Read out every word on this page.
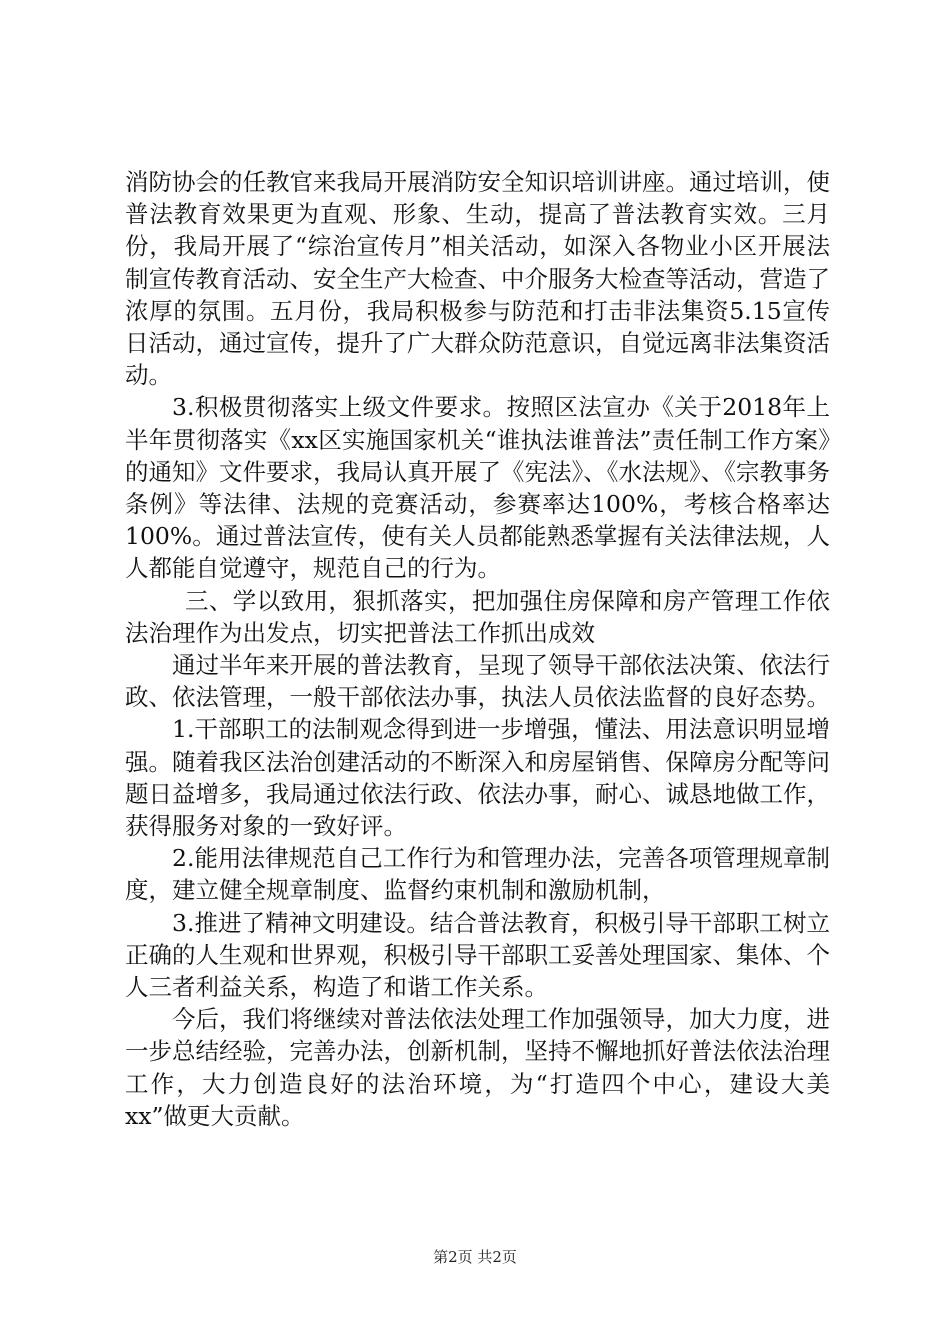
消防协会的任教官来我局开展消防安全知识培训讲座。通过培训，使普法教育效果更为直观、形象、生动，提高了普法教育实效。三月份，我局开展了“综治宣传月”相关活动，如深入各物业小区开展法制宣传教育活动、安全生产大检查、中介服务大检查等活动，营造了浓厚的氛围。五月份，我局积极参与防范和打击非法集资5.15宣传日活动，通过宣传，提升了广大群众防范意识，自觉远离非法集资活动。

3.积极贯彻落实上级文件要求。按照区法宣办《关于2018年上半年贯彻落实《xx区实施国家机关“谁执法谁普法”责任制工作方案》的通知》文件要求，我局认真开展了《宪法》、《水法规》、《宗教事务条例》等法律、法规的竞赛活动，参赛率达100%，考核合格率达100%。通过普法宣传，使有关人员都能熟悉掌握有关法律法规，人人都能自觉遵守，规范自己的行为。

三、学以致用，狠抓落实，把加强住房保障和房产管理工作依法治理作为出发点，切实把普法工作抓出成效

通过半年来开展的普法教育，呈现了领导干部依法决策、依法行政、依法管理，一般干部依法办事，执法人员依法监督的良好态势。

1.干部职工的法制观念得到进一步增强，懂法、用法意识明显增强。随着我区法治创建活动的不断深入和房屋销售、保障房分配等问题日益增多，我局通过依法行政、依法办事，耐心、诚恳地做工作，获得服务对象的一致好评。

2.能用法律规范自己工作行为和管理办法，完善各项管理规章制度，建立健全规章制度、监督约束机制和激励机制，

3.推进了精神文明建设。结合普法教育，积极引导干部职工树立正确的人生观和世界观，积极引导干部职工妥善处理国家、集体、个人三者利益关系，构造了和谐工作关系。

今后，我们将继续对普法依法处理工作加强领导，加大力度，进一步总结经验，完善办法，创新机制，坚持不懈地抓好普法依法治理工作，大力创造良好的法治环境，为“打造四个中心，建设大美xx”做更大贡献。

第2页 共2页
